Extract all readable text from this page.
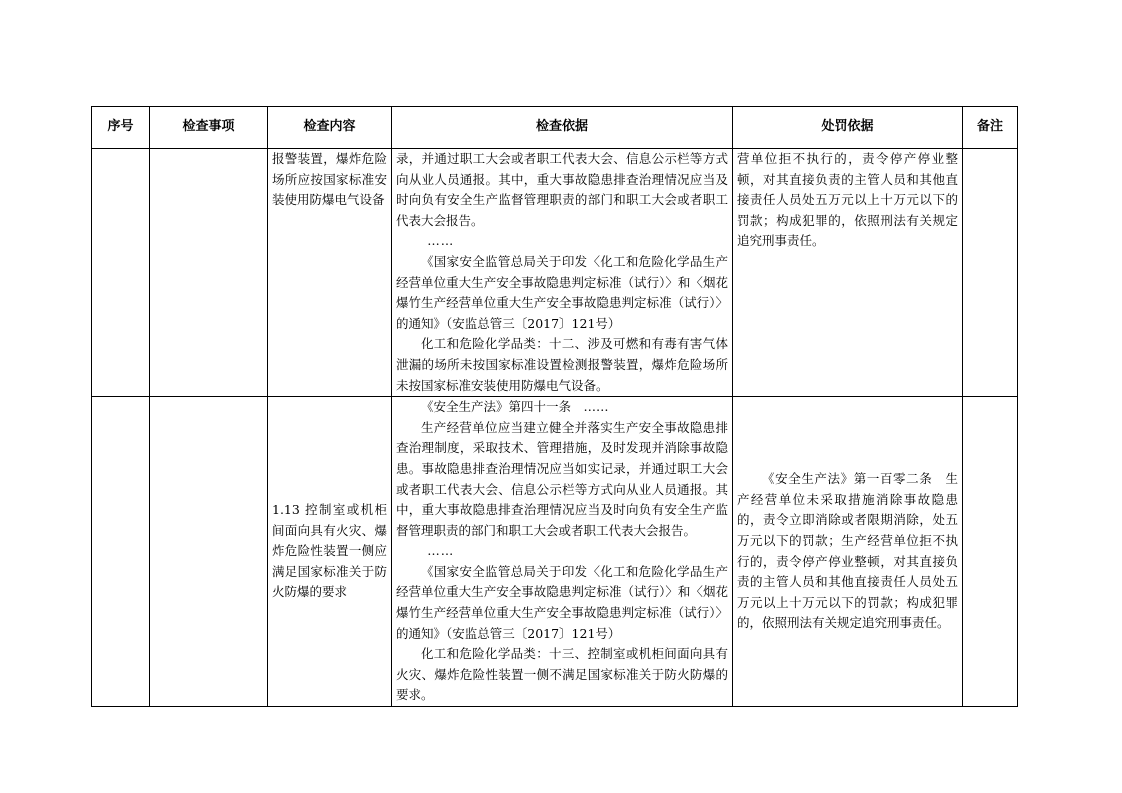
序号	检查事项	检查内容	检查依据	处罚依据	备注

		报警装置，爆炸危险场所应按国家标准安装使用防爆电气设备	录，并通过职工大会或者职工代表大会、信息公示栏等方式向从业人员通报。其中，重大事故隐患排查治理情况应当及时向负有安全生产监督管理职责的部门和职工大会或者职工代表大会报告。

……

《国家安全监管总局关于印发〈化工和危险化学品生产经营单位重大生产安全事故隐患判定标准（试行）〉和〈烟花爆竹生产经营单位重大生产安全事故隐患判定标准（试行）〉的通知》（安监总管三〔2017〕121号）

化工和危险化学品类：十二、涉及可燃和有毒有害气体泄漏的场所未按国家标准设置检测报警装置，爆炸危险场所未按国家标准安装使用防爆电气设备。	营单位拒不执行的，责令停产停业整顿，对其直接负责的主管人员和其他直接责任人员处五万元以上十万元以下的罚款；构成犯罪的，依照刑法有关规定追究刑事责任。	

		1.13 控制室或机柜间面向具有火灾、爆炸危险性装置一侧应满足国家标准关于防火防爆的要求	《安全生产法》第四十一条　……

生产经营单位应当建立健全并落实生产安全事故隐患排查治理制度，采取技术、管理措施，及时发现并消除事故隐患。事故隐患排查治理情况应当如实记录，并通过职工大会或者职工代表大会、信息公示栏等方式向从业人员通报。其中，重大事故隐患排查治理情况应当及时向负有安全生产监督管理职责的部门和职工大会或者职工代表大会报告。

……

《国家安全监管总局关于印发〈化工和危险化学品生产经营单位重大生产安全事故隐患判定标准（试行）〉和〈烟花爆竹生产经营单位重大生产安全事故隐患判定标准（试行）〉的通知》（安监总管三〔2017〕121号）

化工和危险化学品类：十三、控制室或机柜间面向具有火灾、爆炸危险性装置一侧不满足国家标准关于防火防爆的要求。	《安全生产法》第一百零二条　生产经营单位未采取措施消除事故隐患的，责令立即消除或者限期消除，处五万元以下的罚款；生产经营单位拒不执行的，责令停产停业整顿，对其直接负责的主管人员和其他直接责任人员处五万元以上十万元以下的罚款；构成犯罪的，依照刑法有关规定追究刑事责任。	
